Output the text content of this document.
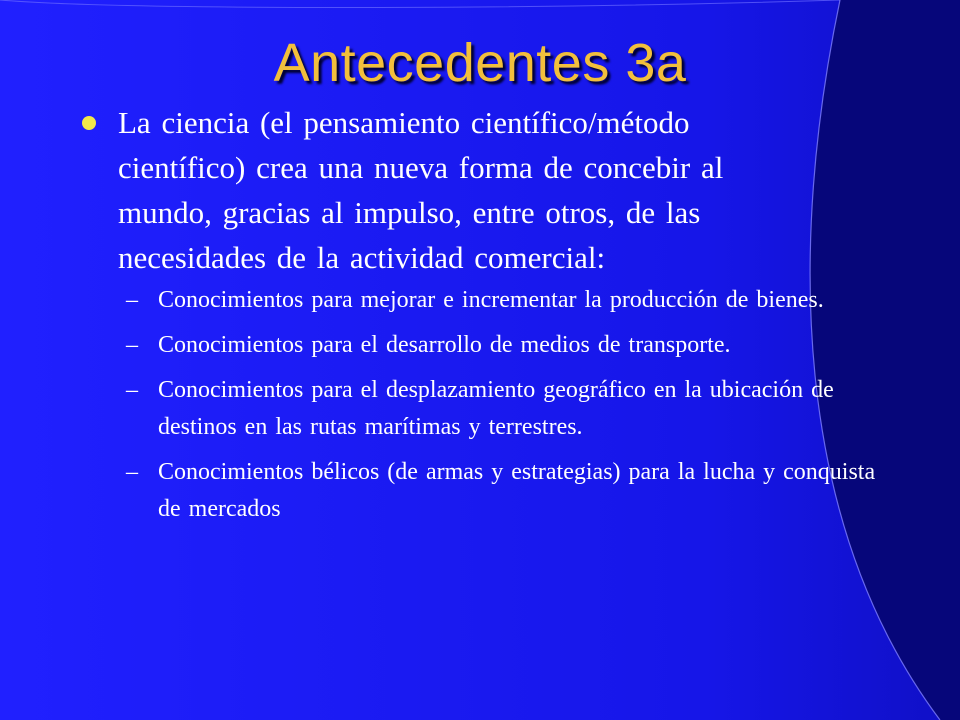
Antecedentes 3a
La ciencia (el pensamiento científico/método científico) crea una nueva forma de concebir al mundo, gracias al impulso, entre otros, de las necesidades de la actividad comercial:
– Conocimientos para mejorar e incrementar la producción de bienes.
– Conocimientos para el desarrollo de medios de transporte.
– Conocimientos para el desplazamiento geográfico en la ubicación de destinos en las rutas marítimas y terrestres.
– Conocimientos bélicos (de armas y estrategias) para la lucha y conquista de mercados
